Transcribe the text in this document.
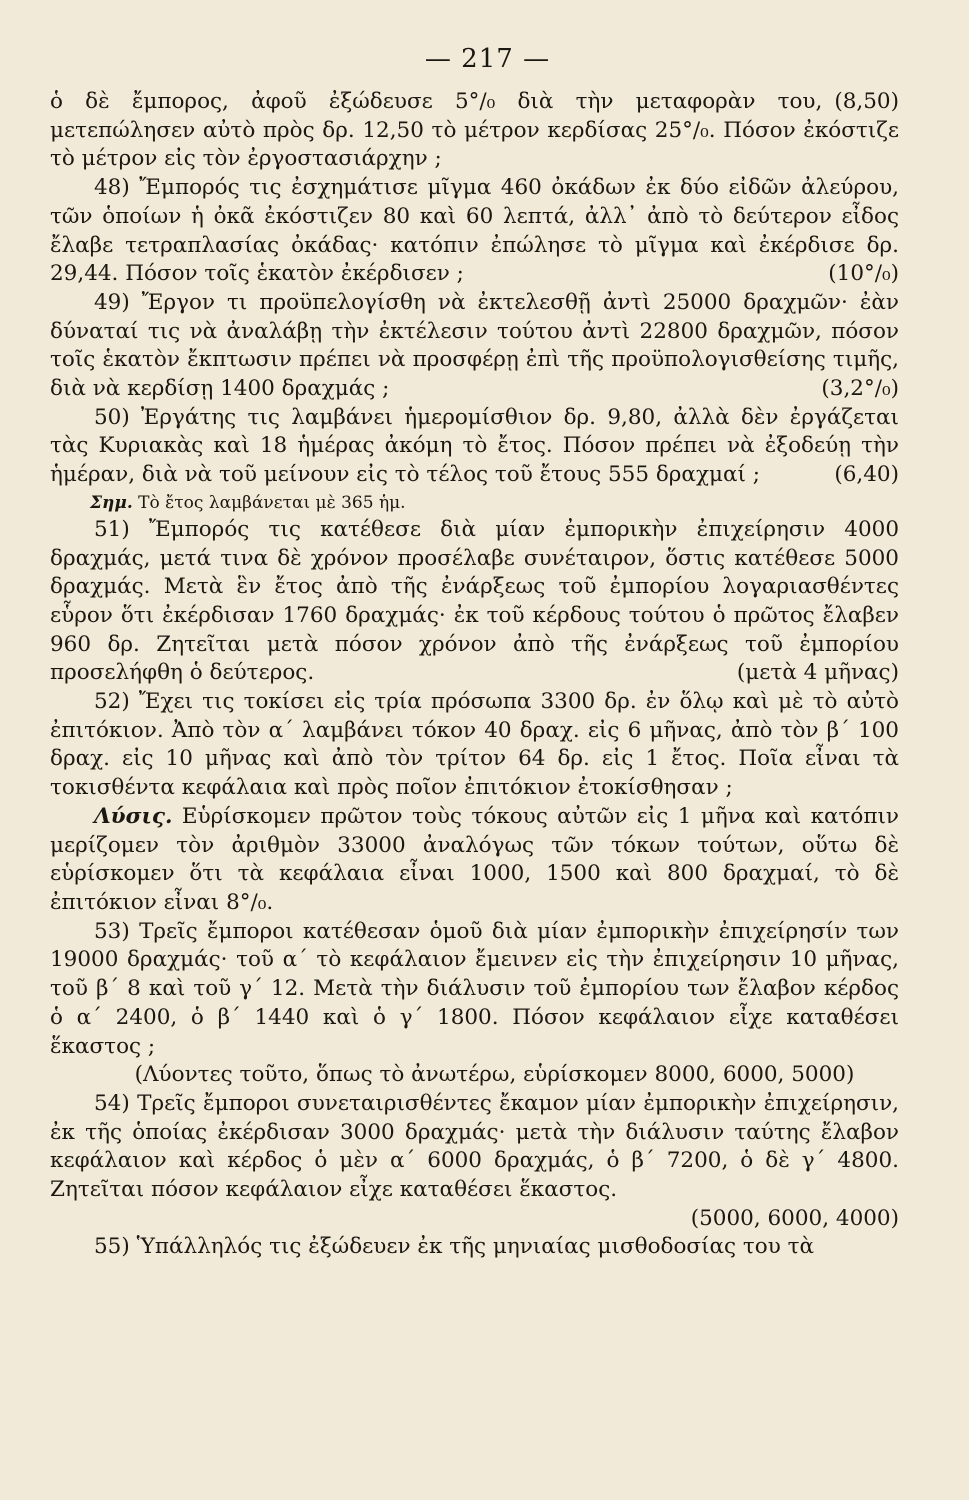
— 217 —

(8,50)
ὁ δὲ ἔμπορος, ἀφοῦ ἐξώδευσε 5°/₀ διὰ τὴν μεταφορὰν του, μετεπώλησεν αὐτὸ πρὸς δρ. 12,50 τὸ μέτρον κερδίσας 25°/₀. Πόσον ἐκόστιζε τὸ μέτρον εἰς τὸν ἐργοστασιάρχην ;

48) Ἔμπορός τις ἐσχημάτισε μῖγμα 460 ὀκάδων ἐκ δύο εἰδῶν ἀλεύρου, τῶν ὁποίων ἡ ὀκᾶ ἐκόστιζεν 80 καὶ 60 λεπτά, ἀλλ᾽ ἀπὸ τὸ δεύτερον εἶδος ἔλαβε τετραπλασίας ὀκάδας· κατόπιν ἐπώλησε τὸ μῖγμα καὶ ἐκέρδισε δρ. 29,44. Πόσον τοῖς ἑκατὸν ἐκέρδισεν ;	(10°/₀)

49) Ἔργον τι προϋπελογίσθη νὰ ἐκτελεσθῇ ἀντὶ 25000 δραχμῶν· ἐὰν δύναταί τις νὰ ἀναλάβῃ τὴν ἐκτέλεσιν τούτου ἀντὶ 22800 δραχμῶν, πόσον τοῖς ἑκατὸν ἔκπτωσιν πρέπει νὰ προσφέρῃ ἐπὶ τῆς προϋπολογισθείσης τιμῆς, διὰ νὰ κερδίσῃ 1400 δραχμάς ;	(3,2°/₀)

50) Ἐργάτης τις λαμβάνει ἡμερομίσθιον δρ. 9,80, ἀλλὰ δὲν ἐργάζεται τὰς Κυριακὰς καὶ 18 ἡμέρας ἀκόμη τὸ ἔτος. Πόσον πρέπει νὰ ἐξοδεύῃ τὴν ἡμέραν, διὰ νὰ τοῦ μείνουν εἰς τὸ τέλος τοῦ ἔτους 555 δραχμαί ;	(6,40)

Σημ. Τὸ ἔτος λαμβάνεται μὲ 365 ἡμ.

51) Ἔμπορός τις κατέθεσε διὰ μίαν ἐμπορικὴν ἐπιχείρησιν 4000 δραχμάς, μετά τινα δὲ χρόνον προσέλαβε συνέταιρον, ὅστις κατέθεσε 5000 δραχμάς. Μετὰ ἓν ἔτος ἀπὸ τῆς ἐνάρξεως τοῦ ἐμπορίου λογαριασθέντες εὗρον ὅτι ἐκέρδισαν 1760 δραχμάς· ἐκ τοῦ κέρδους τούτου ὁ πρῶτος ἔλαβεν 960 δρ. Ζητεῖται μετὰ πόσον χρόνον ἀπὸ τῆς ἐνάρξεως τοῦ ἐμπορίου προσελήφθη ὁ δεύτερος.	(μετὰ 4 μῆνας)

52) Ἔχει τις τοκίσει εἰς τρία πρόσωπα 3300 δρ. ἐν ὅλῳ καὶ μὲ τὸ αὐτὸ ἐπιτόκιον. Ἀπὸ τὸν α΄ λαμβάνει τόκον 40 δραχ. εἰς 6 μῆνας, ἀπὸ τὸν β΄ 100 δραχ. εἰς 10 μῆνας καὶ ἀπὸ τὸν τρίτον 64 δρ. εἰς 1 ἔτος. Ποῖα εἶναι τὰ τοκισθέντα κεφάλαια καὶ πρὸς ποῖον ἐπιτόκιον ἐτοκίσθησαν ;

Λύσις. Εὑρίσκομεν πρῶτον τοὺς τόκους αὐτῶν εἰς 1 μῆνα καὶ κατόπιν μερίζομεν τὸν ἀριθμὸν 33000 ἀναλόγως τῶν τόκων τούτων, οὕτω δὲ εὑρίσκομεν ὅτι τὰ κεφάλαια εἶναι 1000, 1500 καὶ 800 δραχμαί, τὸ δὲ ἐπιτόκιον εἶναι 8°/₀.

53) Τρεῖς ἔμποροι κατέθεσαν ὁμοῦ διὰ μίαν ἐμπορικὴν ἐπιχείρησίν των 19000 δραχμάς· τοῦ α΄ τὸ κεφάλαιον ἔμεινεν εἰς τὴν ἐπιχείρησιν 10 μῆνας, τοῦ β΄ 8 καὶ τοῦ γ΄ 12. Μετὰ τὴν διάλυσιν τοῦ ἐμπορίου των ἔλαβον κέρδος ὁ α΄ 2400, ὁ β΄ 1440 καὶ ὁ γ΄ 1800. Πόσον κεφάλαιον εἶχε καταθέσει ἕκαστος ;

(Λύοντες τοῦτο, ὅπως τὸ ἀνωτέρω, εὑρίσκομεν 8000, 6000, 5000)

54) Τρεῖς ἔμποροι συνεταιρισθέντες ἔκαμον μίαν ἐμπορικὴν ἐπιχείρησιν, ἐκ τῆς ὁποίας ἐκέρδισαν 3000 δραχμάς· μετὰ τὴν διάλυσιν ταύτης ἔλαβον κεφάλαιον καὶ κέρδος ὁ μὲν α΄ 6000 δραχμάς, ὁ β΄ 7200, ὁ δὲ γ΄ 4800. Ζητεῖται πόσον κεφάλαιον εἶχε καταθέσει ἕκαστος.

(5000, 6000, 4000)

55) Ὑπάλληλός τις ἐξώδευεν ἐκ τῆς μηνιαίας μισθοδοσίας του τὰ
